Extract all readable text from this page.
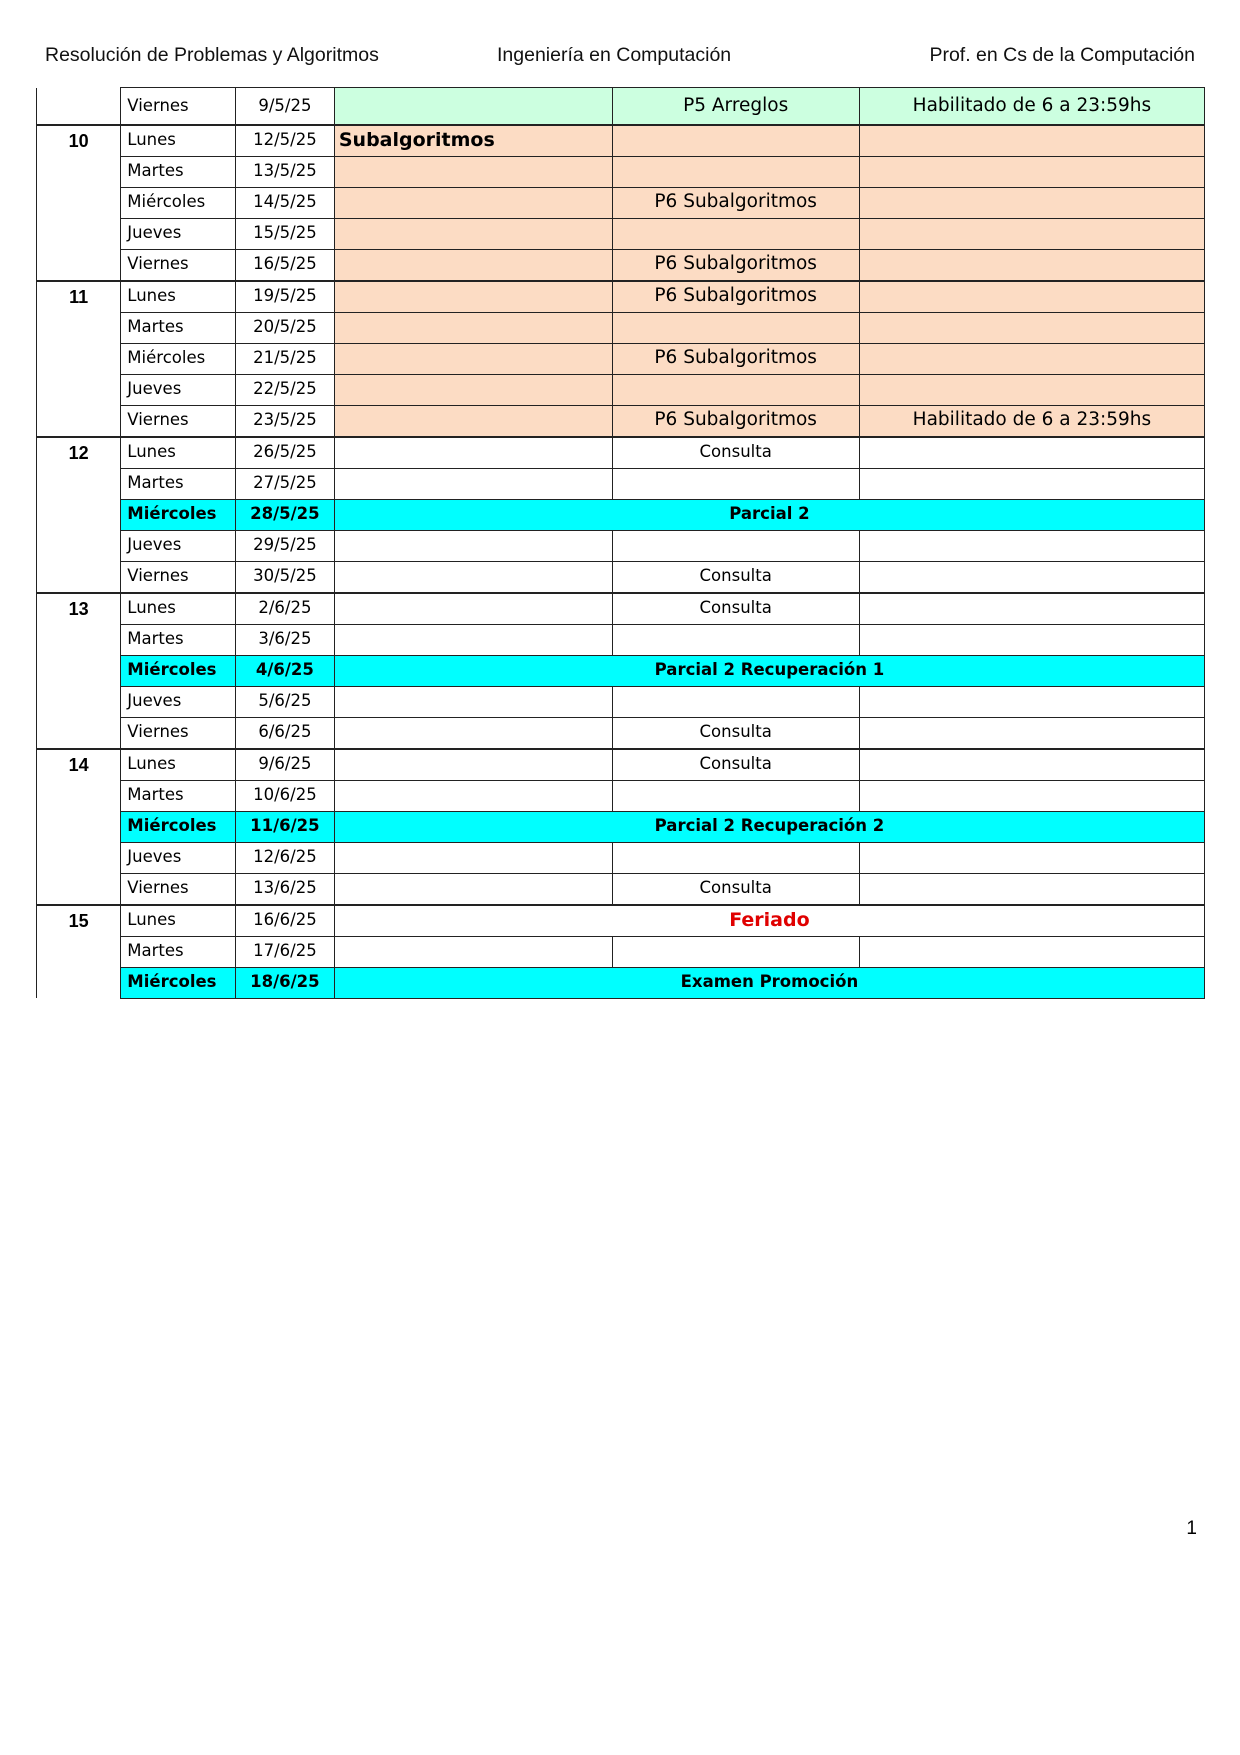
Resolución de Problemas y Algoritmos	Ingeniería en Computación	Prof. en Cs de la Computación
	Viernes	9/5/25		P5 Arreglos	Habilitado de 6 a 23:59hs
10	Lunes	12/5/25	Subalgoritmos		
	Martes	13/5/25			
	Miércoles	14/5/25		P6 Subalgoritmos	
	Jueves	15/5/25			
	Viernes	16/5/25		P6 Subalgoritmos	
11	Lunes	19/5/25		P6 Subalgoritmos	
	Martes	20/5/25			
	Miércoles	21/5/25		P6 Subalgoritmos	
	Jueves	22/5/25			
	Viernes	23/5/25		P6 Subalgoritmos	Habilitado de 6 a 23:59hs
12	Lunes	26/5/25		Consulta	
	Martes	27/5/25			
	Miércoles	28/5/25	Parcial 2		
	Jueves	29/5/25			
	Viernes	30/5/25		Consulta	
13	Lunes	2/6/25		Consulta	
	Martes	3/6/25			
	Miércoles	4/6/25	Parcial 2 Recuperación 1		
	Jueves	5/6/25			
	Viernes	6/6/25		Consulta	
14	Lunes	9/6/25		Consulta	
	Martes	10/6/25			
	Miércoles	11/6/25	Parcial 2 Recuperación 2		
	Jueves	12/6/25			
	Viernes	13/6/25		Consulta	
15	Lunes	16/6/25	Feriado		
	Martes	17/6/25			
	Miércoles	18/6/25	Examen Promoción		
1
